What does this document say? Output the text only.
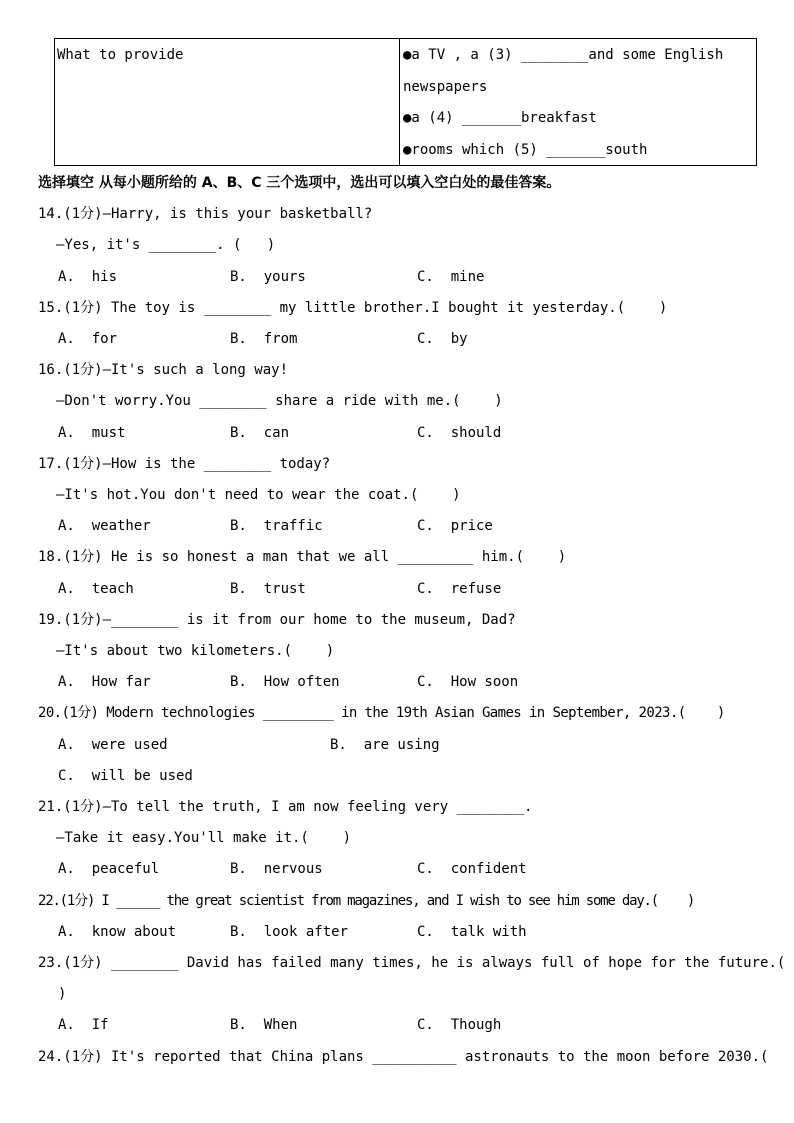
What to provide	●a TV , a (3) ________and some English
newspapers
●a (4) _______breakfast
●rooms which (5) _______south
选择填空 从每小题所给的 A、B、C 三个选项中，选出可以填入空白处的最佳答案。
14.(1分)—Harry, is this your basketball?
—Yes, it's ________. (   )
A.  his	B.  yours	C.  mine
15.(1分) The toy is ________ my little brother.I bought it yesterday.(    )
A.  for	B.  from	C.  by
16.(1分)—It's such a long way!
—Don't worry.You ________ share a ride with me.(    )
A.  must	B.  can	C.  should
17.(1分)—How is the ________ today?
—It's hot.You don't need to wear the coat.(    )
A.  weather	B.  traffic	C.  price
18.(1分) He is so honest a man that we all _________ him.(    )
A.  teach	B.  trust	C.  refuse
19.(1分)—________ is it from our home to the museum, Dad?
—It's about two kilometers.(    )
A.  How far	B.  How often	C.  How soon
20.(1分) Modern technologies _________ in the 19th Asian Games in September, 2023.(    )
A.  were used	B.  are using
C.  will be used
21.(1分)—To tell the truth, I am now feeling very ________.
—Take it easy.You'll make it.(    )
A.  peaceful	B.  nervous	C.  confident
22.(1分) I ______ the great scientist from magazines, and I wish to see him some day.(    )
A.  know about	B.  look after	C.  talk with
23.(1分) ________ David has failed many times, he is always full of hope for the future.(
)
A.  If	B.  When	C.  Though
24.(1分) It's reported that China plans __________ astronauts to the moon before 2030.(
